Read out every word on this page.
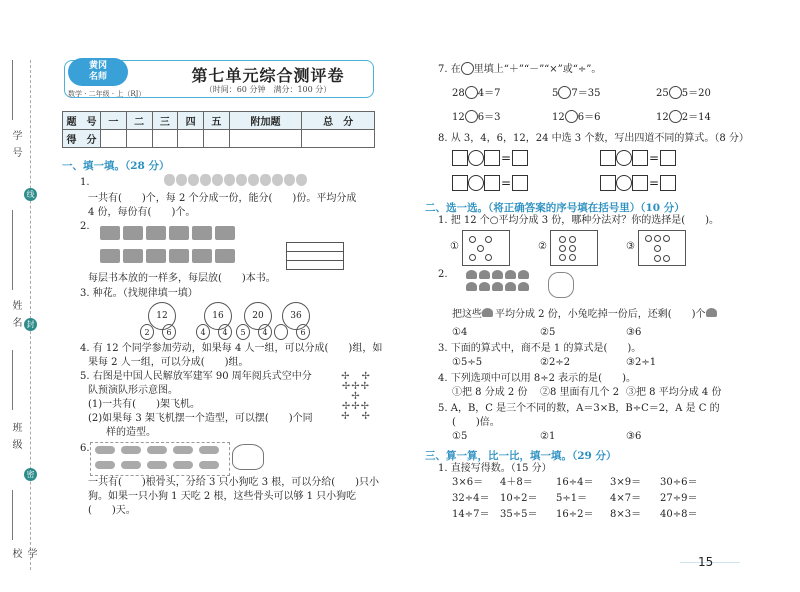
学 号
线
姓 名 封
班 级
密
学 校
黄冈
名师
数学 · 二年级 · 上（RJ）
第七单元综合测评卷
（时间：60 分钟　满分：100 分）
题　号	一	二	三	四	五	附加题	总　分
得　分							
一、填一填。（28 分）
1.
一共有(　　)个，每 2 个分成一份，能分(　　)份。平均分成
4 份，每份有(　　)个。
2.
每层书本放的一样多，每层放(　　)本书。
3. 种花。（找规律填一填）
12
2	6
16
4	4
20
5	4
36
6
4. 有 12 个同学参加劳动，如果每 4 人一组，可以分成(　　)组，如
果每 2 人一组，可以分成(　　)组。
5. 右图是中国人民解放军建军 90 周年阅兵式空中分
队预演队形示意图。
(1)一共有(　　)架飞机。
(2)如果每 3 架飞机摆一个造型，可以摆(　　)个同
样的造型。
✢　✢
✢✢✢
✢
✢✢✢
✢　✢
6.

一共有(　　)根骨头，分给 3 只小狗吃 3 根，可以分给(　　)只小
狗。如果一只小狗 1 天吃 2 根，这些骨头可以够 1 只小狗吃
(　　)天。
7. 在 里填上“＋”“－”“×”或“÷”。
28 4＝7	5 7＝35	25 5＝20
12 6＝3	12 6＝6	12 2＝14
8. 从 3，4，6，12，24 中选 3 个数，写出四道不同的算式。（8 分）
=	=
=	=
二、选一选。（将正确答案的序号填在括号里）（10 分）
1. 把 12 个○平均分成 3 份，哪种分法对？你的选择是(　　)。
①	②	③
2.

把这些 平均分成 2 份，小兔吃掉一份后，还剩(　　)个
①4	②5	③6
3. 下面的算式中，商不是 1 的算式是(　　)。
①5÷5	②2÷2	③2÷1
4. 下列选项中可以用 8÷2 表示的是(　　)。
①把 8 分成 2 份 ②8 里面有几个 2 ③把 8 平均分成 4 份
5. A，B，C 是三个不同的数，A＝3×B，B÷C＝2，A 是 C 的
(　　)倍。
①5	②1	③6
三、算一算，比一比，填一填。（29 分）
1. 直接写得数。（15 分）
3×6＝ 4＋8＝ 16÷4＝ 3×9＝ 30÷6＝
32÷4＝ 10÷2＝ 5÷1＝ 4×7＝ 27÷9＝
14÷7＝ 35÷5＝ 16÷2＝ 8×3＝ 40÷8＝
15
